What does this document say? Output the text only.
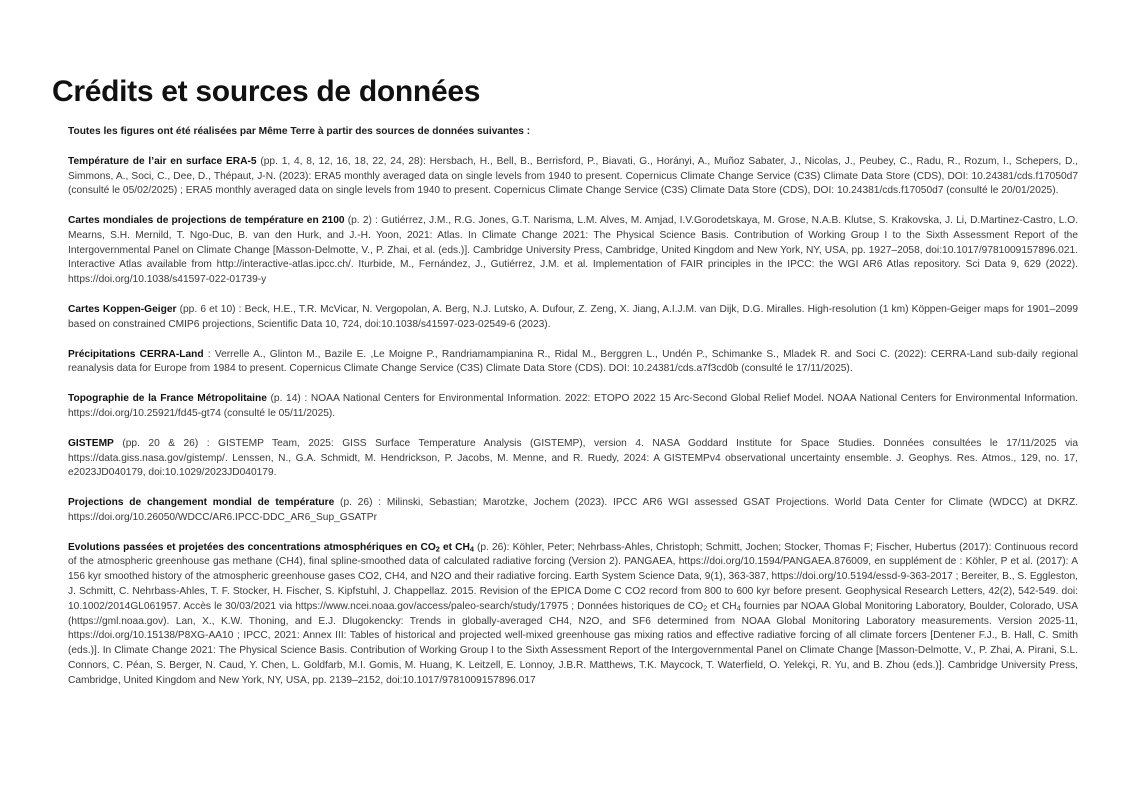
Crédits et sources de données

Toutes les figures ont été réalisées par Même Terre à partir des sources de données suivantes :

Température de l’air en surface ERA-5 (pp. 1, 4, 8, 12, 16, 18, 22, 24, 28): Hersbach, H., Bell, B., Berrisford, P., Biavati, G., Horányi, A., Muñoz Sabater, J., Nicolas, J., Peubey, C., Radu, R., Rozum, I., Schepers, D., Simmons, A., Soci, C., Dee, D., Thépaut, J-N. (2023): ERA5 monthly averaged data on single levels from 1940 to present. Copernicus Climate Change Service (C3S) Climate Data Store (CDS), DOI: 10.24381/cds.f17050d7 (consulté le 05/02/2025) ; ERA5 monthly averaged data on single levels from 1940 to present. Copernicus Climate Change Service (C3S) Climate Data Store (CDS), DOI: 10.24381/cds.f17050d7 (consulté le 20/01/2025).

Cartes mondiales de projections de température en 2100 (p. 2) : Gutiérrez, J.M., R.G. Jones, G.T. Narisma, L.M. Alves, M. Amjad, I.V.Gorodetskaya, M. Grose, N.A.B. Klutse, S. Krakovska, J. Li, D.Martinez-Castro, L.O. Mearns, S.H. Mernild, T. Ngo-Duc, B. van den Hurk, and J.-H. Yoon, 2021: Atlas. In Climate Change 2021: The Physical Science Basis. Contribution of Working Group I to the Sixth Assessment Report of the Intergovernmental Panel on Climate Change [Masson-Delmotte, V., P. Zhai, et al. (eds.)]. Cambridge University Press, Cambridge, United Kingdom and New York, NY, USA, pp. 1927–2058, doi:10.1017/9781009157896.021. Interactive Atlas available from http://interactive-atlas.ipcc.ch/. Iturbide, M., Fernández, J., Gutiérrez, J.M. et al. Implementation of FAIR principles in the IPCC: the WGI AR6 Atlas repository. Sci Data 9, 629 (2022). https://doi.org/10.1038/s41597-022-01739-y

Cartes Koppen-Geiger (pp. 6 et 10) : Beck, H.E., T.R. McVicar, N. Vergopolan, A. Berg, N.J. Lutsko, A. Dufour, Z. Zeng, X. Jiang, A.I.J.M. van Dijk, D.G. Miralles. High-resolution (1 km) Köppen-Geiger maps for 1901–2099 based on constrained CMIP6 projections, Scientific Data 10, 724, doi:10.1038/s41597-023-02549-6 (2023).

Précipitations CERRA-Land : Verrelle A., Glinton M., Bazile E. ,Le Moigne P., Randriamampianina R., Ridal M., Berggren L., Undén P., Schimanke S., Mladek R. and Soci C. (2022): CERRA-Land sub-daily regional reanalysis data for Europe from 1984 to present. Copernicus Climate Change Service (C3S) Climate Data Store (CDS). DOI: 10.24381/cds.a7f3cd0b (consulté le 17/11/2025).

Topographie de la France Métropolitaine (p. 14) : NOAA National Centers for Environmental Information. 2022: ETOPO 2022 15 Arc-Second Global Relief Model. NOAA National Centers for Environmental Information. https://doi.org/10.25921/fd45-gt74 (consulté le 05/11/2025).

GISTEMP (pp. 20 & 26) : GISTEMP Team, 2025: GISS Surface Temperature Analysis (GISTEMP), version 4. NASA Goddard Institute for Space Studies. Données consultées le 17/11/2025 via https://data.giss.nasa.gov/gistemp/. Lenssen, N., G.A. Schmidt, M. Hendrickson, P. Jacobs, M. Menne, and R. Ruedy, 2024: A GISTEMPv4 observational uncertainty ensemble. J. Geophys. Res. Atmos., 129, no. 17, e2023JD040179, doi:10.1029/2023JD040179.

Projections de changement mondial de température (p. 26) : Milinski, Sebastian; Marotzke, Jochem (2023). IPCC AR6 WGI assessed GSAT Projections. World Data Center for Climate (WDCC) at DKRZ. https://doi.org/10.26050/WDCC/AR6.IPCC-DDC_AR6_Sup_GSATPr

Evolutions passées et projetées des concentrations atmosphériques en $CO_2$ et $CH_4$ (p. 26): Köhler, Peter; Nehrbass-Ahles, Christoph; Schmitt, Jochen; Stocker, Thomas F; Fischer, Hubertus (2017): Continuous record of the atmospheric greenhouse gas methane (CH4), final spline-smoothed data of calculated radiative forcing (Version 2). PANGAEA, https://doi.org/10.1594/PANGAEA.876009, en supplément de : Köhler, P et al. (2017): A 156 kyr smoothed history of the atmospheric greenhouse gases CO2, CH4, and N2O and their radiative forcing. Earth System Science Data, 9(1), 363-387, https://doi.org/10.5194/essd-9-363-2017 ; Bereiter, B., S. Eggleston, J. Schmitt, C. Nehrbass-Ahles, T. F. Stocker, H. Fischer, S. Kipfstuhl, J. Chappellaz. 2015. Revision of the EPICA Dome C CO2 record from 800 to 600 kyr before present. Geophysical Research Letters, 42(2), 542-549. doi: 10.1002/2014GL061957. Accès le 30/03/2021 via https://www.ncei.noaa.gov/access/paleo-search/study/17975 ; Données historiques de $CO_2$ et $CH_4$ fournies par NOAA Global Monitoring Laboratory, Boulder, Colorado, USA (https://gml.noaa.gov). Lan, X., K.W. Thoning, and E.J. Dlugokencky: Trends in globally-averaged CH4, N2O, and SF6 determined from NOAA Global Monitoring Laboratory measurements. Version 2025-11, https://doi.org/10.15138/P8XG-AA10 ; IPCC, 2021: Annex III: Tables of historical and projected well-mixed greenhouse gas mixing ratios and effective radiative forcing of all climate forcers [Dentener F.J., B. Hall, C. Smith (eds.)]. In Climate Change 2021: The Physical Science Basis. Contribution of Working Group I to the Sixth Assessment Report of the Intergovernmental Panel on Climate Change [Masson-Delmotte, V., P. Zhai, A. Pirani, S.L. Connors, C. Péan, S. Berger, N. Caud, Y. Chen, L. Goldfarb, M.I. Gomis, M. Huang, K. Leitzell, E. Lonnoy, J.B.R. Matthews, T.K. Maycock, T. Waterfield, O. Yelekçi, R. Yu, and B. Zhou (eds.)]. Cambridge University Press, Cambridge, United Kingdom and New York, NY, USA, pp. 2139–2152, doi:10.1017/9781009157896.017
